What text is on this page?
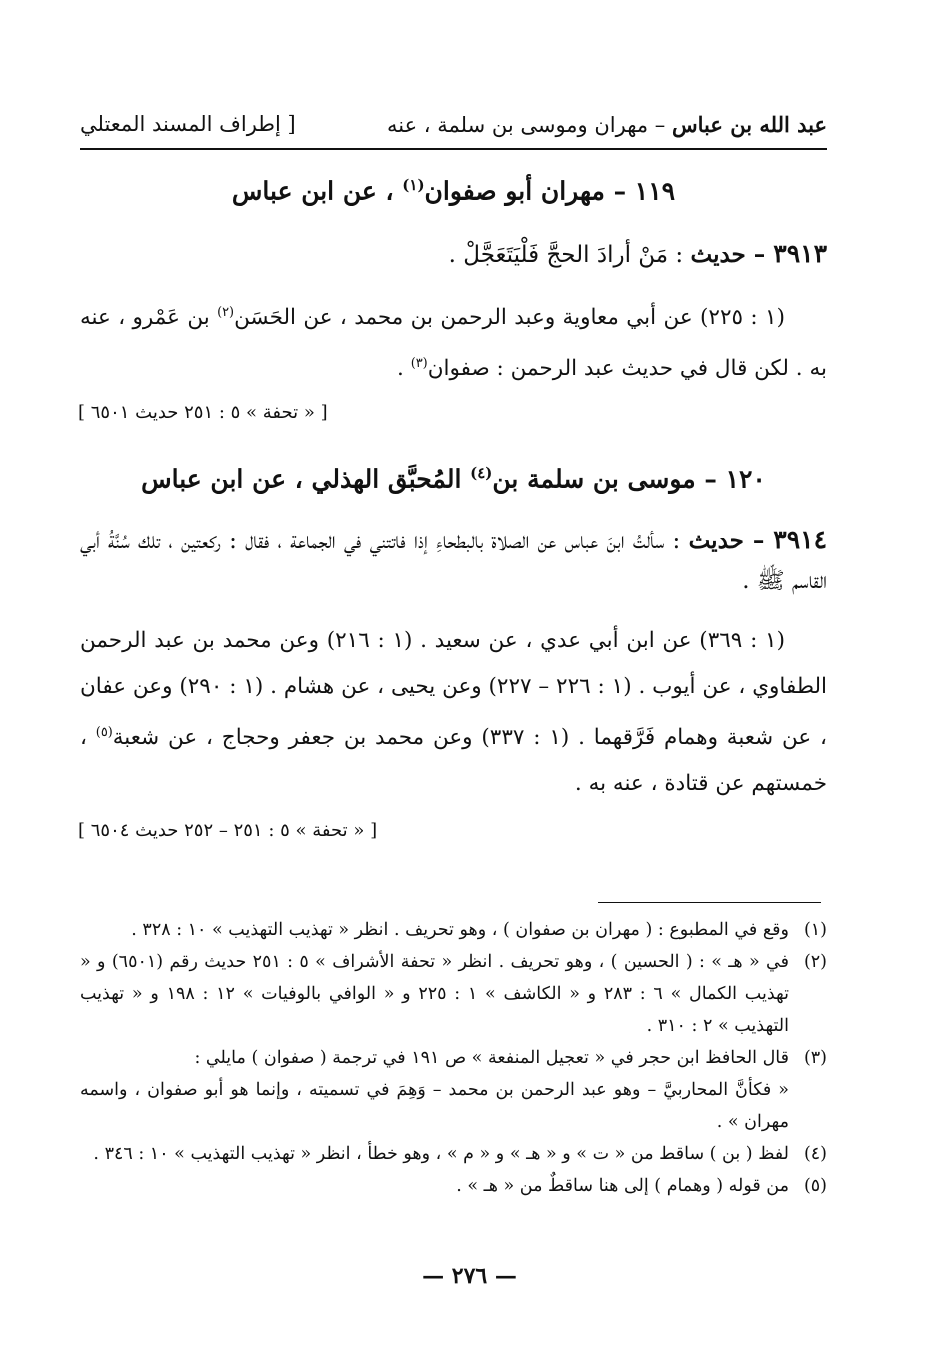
عبد الله بن عباس – مهران وموسى بن سلمة ، عنه
[ إطراف المسند المعتلي
١١٩ – مهران أبو صفوان$^{(١)}$ ، عن ابن عباس
٣٩١٣ – حديث : مَنْ أرادَ الحجَّ فَلْيَتَعَجَّلْ .
(١ : ٢٢٥) عن أبي معاوية وعبد الرحمن بن محمد ، عن الحَسَن$^{(٢)}$ بن عَمْرو ، عنه به . لكن قال في حديث عبد الرحمن : صفوان$^{(٣)}$ .
[ « تحفة » ٥ : ٢٥١ حديث ٦٥٠١ ]
١٢٠ – موسى بن سلمة بن$^{(٤)}$ المُحبَّق الهذلي ، عن ابن عباس
٣٩١٤ – حديث : سألتُ ابنَ عباس عن الصلاة بالبطحاءِ إذا فاتتني في الجماعة ، فقال : ركعتين ، تلك سُنَّةُ أبي القاسم ﷺ .
(١ : ٣٦٩) عن ابن أبي عدي ، عن سعيد . (١ : ٢١٦) وعن محمد بن عبد الرحمن الطفاوي ، عن أيوب . (١ : ٢٢٦ – ٢٢٧) وعن يحيى ، عن هشام . (١ : ٢٩٠) وعن عفان ، عن شعبة وهمام فَرَّقهما . (١ : ٣٣٧) وعن محمد بن جعفر وحجاج ، عن شعبة$^{(٥)}$ ، خمستهم عن قتادة ، عنه به .
[ « تحفة » ٥ : ٢٥١ – ٢٥٢ حديث ٦٥٠٤ ]
(١)
وقع في المطبوع : ( مهران بن صفوان ) ، وهو تحريف . انظر « تهذيب التهذيب » ١٠ : ٣٢٨ .
(٢)
في « هـ » : ( الحسين ) ، وهو تحريف . انظر « تحفة الأشراف » ٥ : ٢٥١ حديث رقم (٦٥٠١) و « تهذيب الكمال » ٦ : ٢٨٣ و « الكاشف » ١ : ٢٢٥ و « الوافي بالوفيات » ١٢ : ١٩٨ و « تهذيب التهذيب » ٢ : ٣١٠ .
(٣)
قال الحافظ ابن حجر في « تعجيل المنفعة » ص ١٩١ في ترجمة ( صفوان ) مايلي :
« فكأنَّ المحاربيَّ – وهو عبد الرحمن بن محمد – وَهِمَ في تسميته ، وإنما هو أبو صفوان ، واسمه مهران » .
(٤)
لفظ ( بن ) ساقط من « ت » و « هـ » و « م » ، وهو خطأ ، انظر « تهذيب التهذيب » ١٠ : ٣٤٦ .
(٥)
من قوله ( وهمام ) إلى هنا ساقطٌ من « هـ » .
— ٢٧٦ —
